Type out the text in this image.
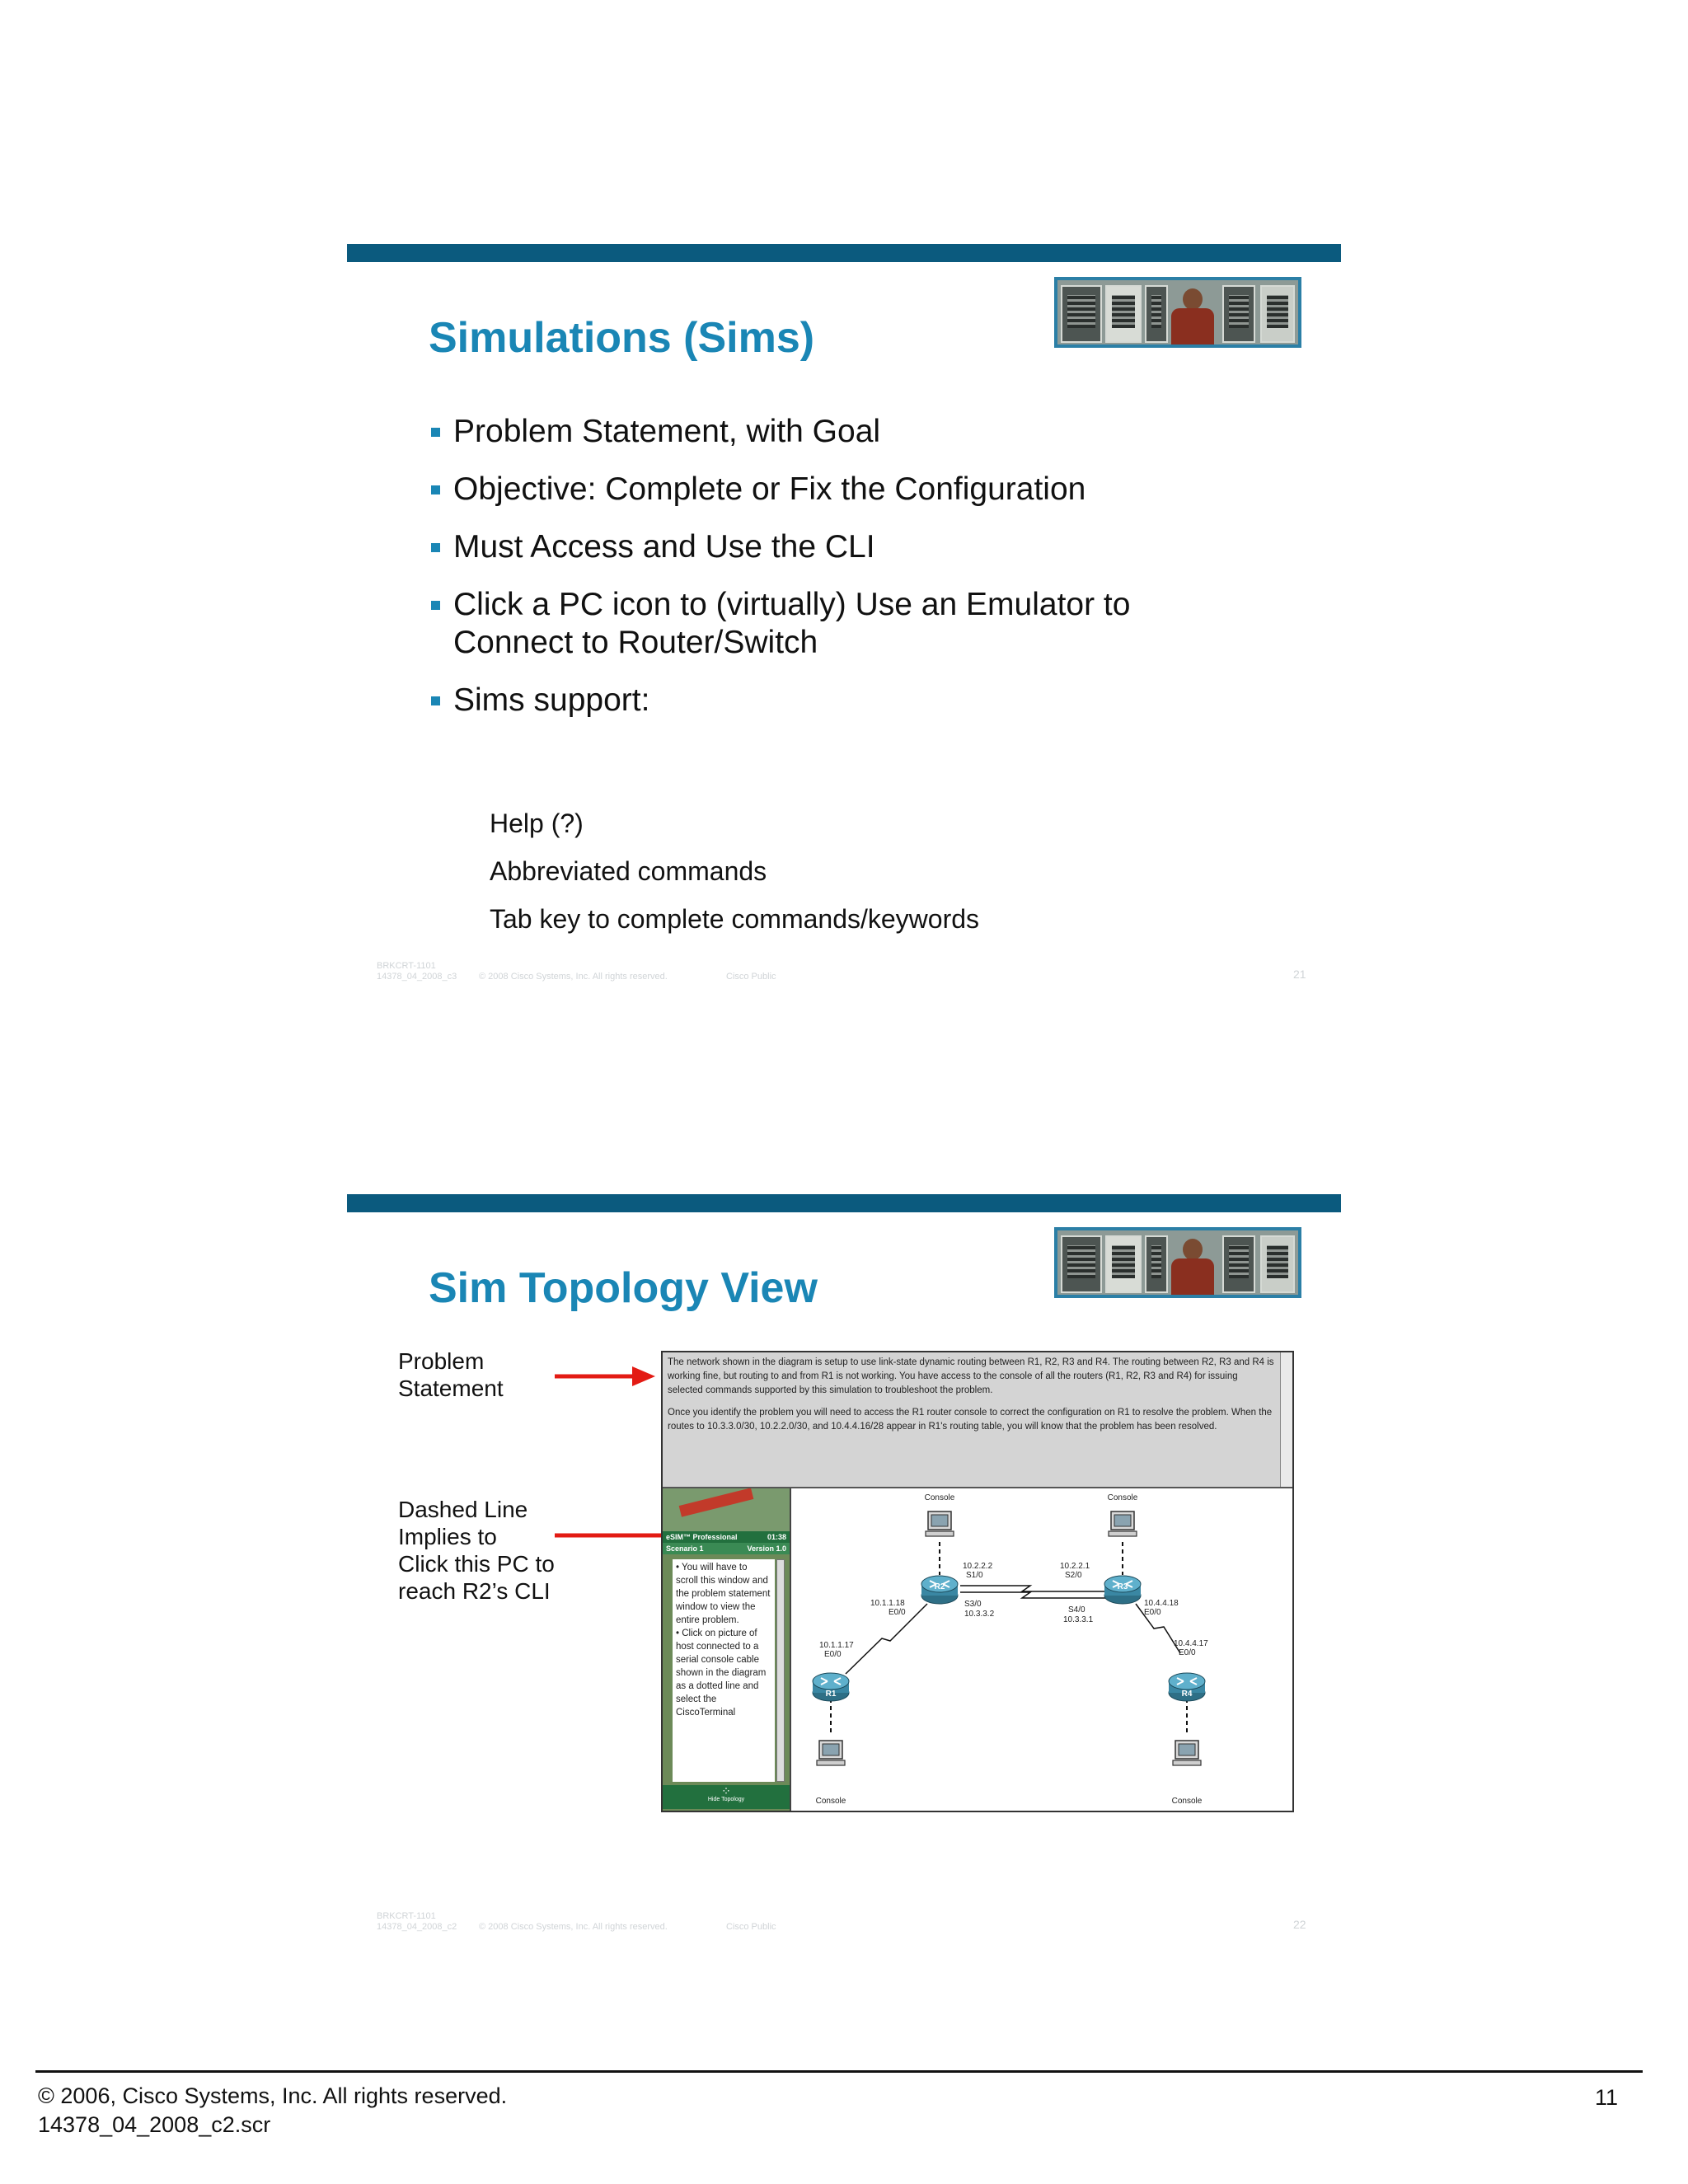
Simulations (Sims)
Problem Statement, with Goal
Objective: Complete or Fix the Configuration
Must Access and Use the CLI
Click a PC icon to (virtually) Use an Emulator to Connect to Router/Switch
Sims support:
Help (?)
Abbreviated commands
Tab key to complete commands/keywords
BRKCRT-1101
14378_04_2008_c3 © 2008 Cisco Systems, Inc. All rights reserved.	Cisco Public	21
Sim Topology View
Problem
Statement
Dashed Line
Implies to
Click this PC to
reach R2’s CLI

The network shown in the diagram is setup to use link-state dynamic routing between R1, R2, R3 and R4. The routing between R2, R3 and R4 is working fine, but routing to and from R1 is not working. You have access to the console of all the routers (R1, R2, R3 and R4) for issuing selected commands supported by this simulation to troubleshoot the problem.

Once you identify the problem you will need to access the R1 router console to correct the configuration on R1 to resolve the problem. When the routes to 10.3.3.0/30, 10.2.2.0/30, and 10.4.4.16/28 appear in R1's routing table, you will know that the problem has been resolved.

eSIM™ Professional	01:38
Scenario 1	Version 1.0
• You will have to scroll this window and the problem statement window to view the entire problem.
• Click on picture of host connected to a serial console cable shown in the diagram as a dotted line and select the CiscoTerminal
⁘
Hide Topology
Console	Console
Console	Console
R2	R3
R1	R4
10.2.2.2
S1/0
10.2.2.1
S2/0
10.1.1.18
E0/0
S3/0
10.3.3.2	S4/0
10.3.3.1
10.4.4.18
E0/0
10.1.1.17
E0/0
10.4.4.17
E0/0
BRKCRT-1101
14378_04_2008_c2 © 2008 Cisco Systems, Inc. All rights reserved.	Cisco Public	22
© 2006, Cisco Systems, Inc. All rights reserved.
14378_04_2008_c2.scr
11
